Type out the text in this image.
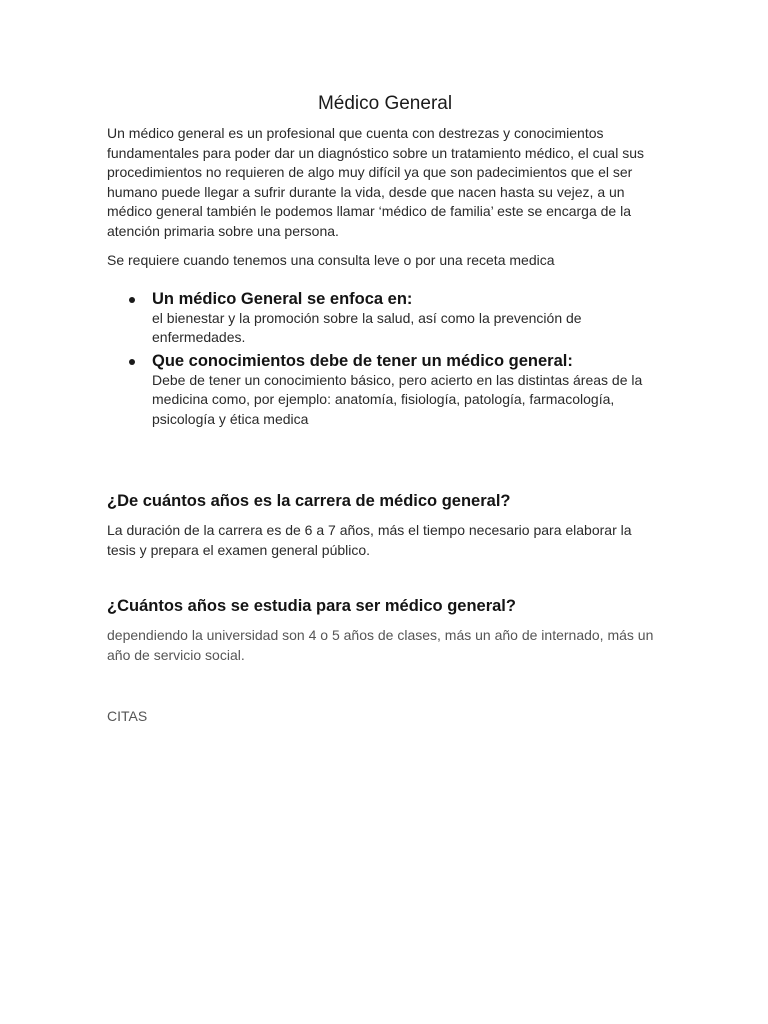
Médico General

Un médico general es un profesional que cuenta con destrezas y conocimientos fundamentales para poder dar un diagnóstico sobre un tratamiento médico, el cual sus procedimientos no requieren de algo muy difícil ya que son padecimientos que el ser humano puede llegar a sufrir durante la vida, desde que nacen hasta su vejez, a un médico general también le podemos llamar ‘médico de familia’ este se encarga de la atención primaria sobre una persona.

Se requiere cuando tenemos una consulta leve o por una receta medica

Un médico General se enfoca en:

el bienestar y la promoción sobre la salud, así como la prevención de enfermedades.

Que conocimientos debe de tener un médico general:

Debe de tener un conocimiento básico, pero acierto en las distintas áreas de la medicina como, por ejemplo: anatomía, fisiología, patología, farmacología, psicología y ética medica

¿De cuántos años es la carrera de médico general?

La duración de la carrera es de 6 a 7 años, más el tiempo necesario para elaborar la tesis y prepara el examen general público.

¿Cuántos años se estudia para ser médico general?

dependiendo la universidad son 4 o 5 años de clases, más un año de internado, más un año de servicio social.

CITAS
